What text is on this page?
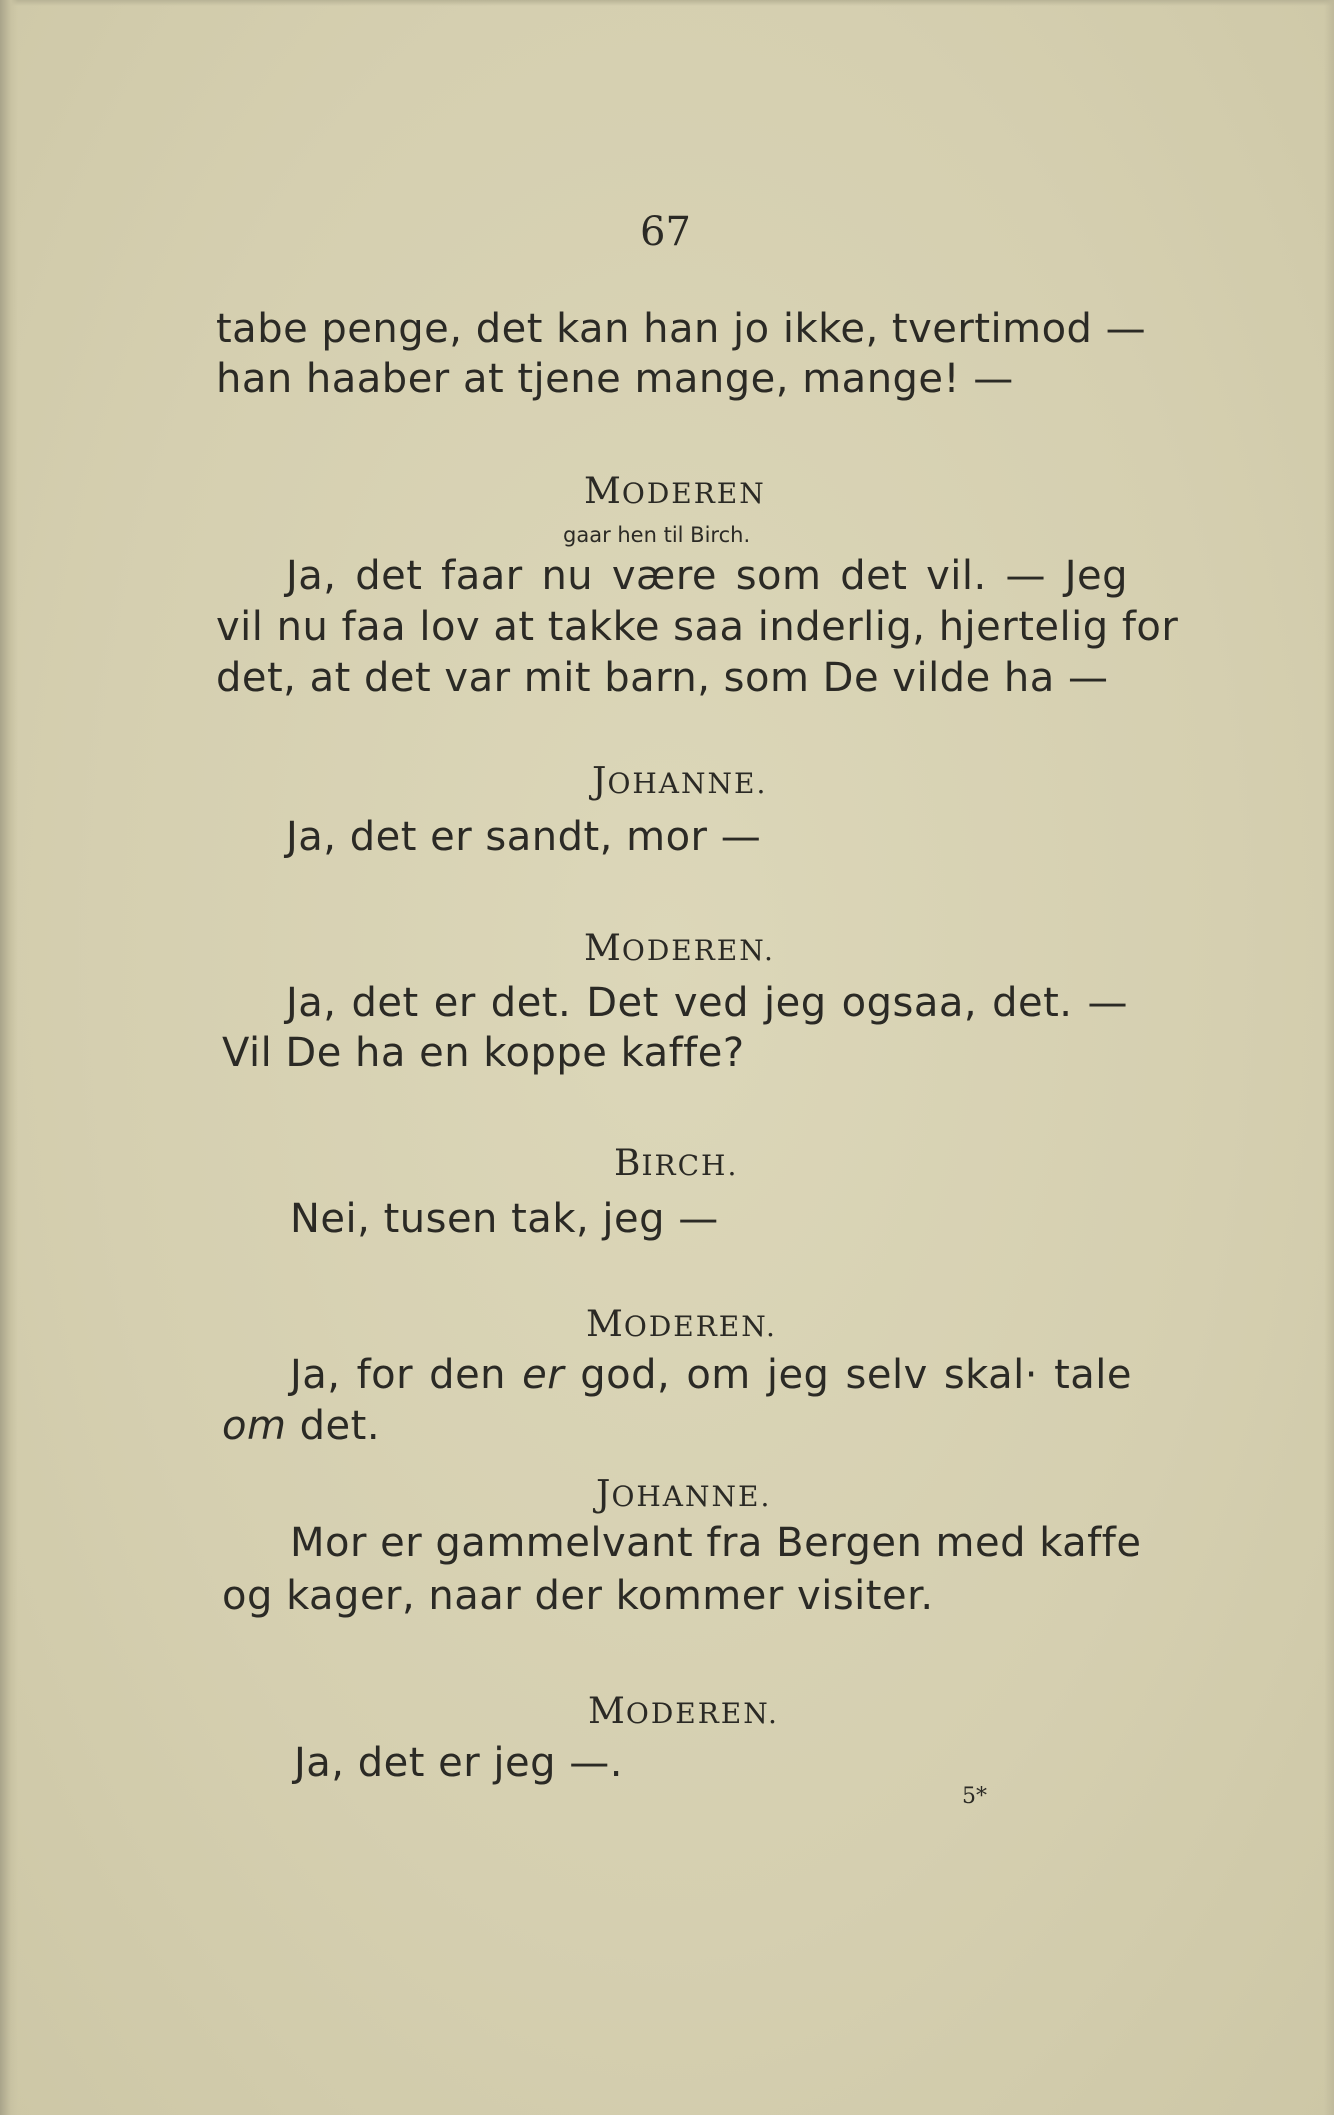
67
tabe penge, det kan han jo ikke, tvertimod —
han haaber at tjene mange, mange! —
MODEREN
gaar hen til Birch.
Ja, det faar nu være som det vil. — Jeg
vil nu faa lov at takke saa inderlig, hjertelig for
det, at det var mit barn, som De vilde ha —
JOHANNE.
Ja, det er sandt, mor —
MODEREN.
Ja, det er det. Det ved jeg ogsaa, det. —
Vil De ha en koppe kaffe?
BIRCH.
Nei, tusen tak, jeg —
MODEREN.
Ja, for den er god, om jeg selv skal· tale
om det.
JOHANNE.
Mor er gammelvant fra Bergen med kaffe
og kager, naar der kommer visiter.
MODEREN.
Ja, det er jeg —.
5*
